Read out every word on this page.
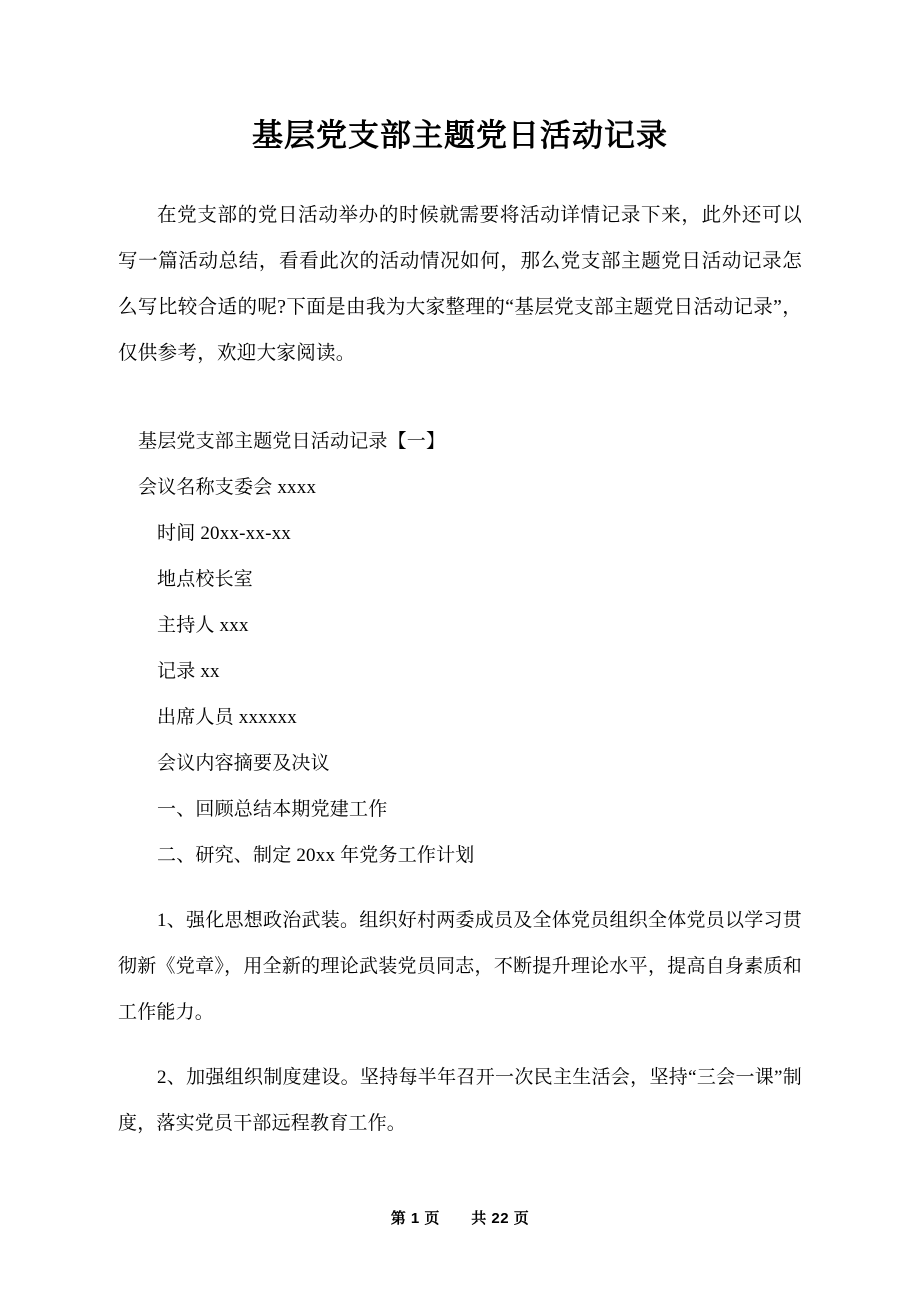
基层党支部主题党日活动记录

在党支部的党日活动举办的时候就需要将活动详情记录下来，此外还可以写一篇活动总结，看看此次的活动情况如何，那么党支部主题党日活动记录怎么写比较合适的呢?下面是由我为大家整理的“基层党支部主题党日活动记录”，仅供参考，欢迎大家阅读。

基层党支部主题党日活动记录【一】
会议名称支委会 xxxx
时间 20xx-xx-xx
地点校长室
主持人 xxx
记录 xx
出席人员 xxxxxx
会议内容摘要及决议
一、回顾总结本期党建工作
二、研究、制定 20xx 年党务工作计划

1、强化思想政治武装。组织好村两委成员及全体党员组织全体党员以学习贯彻新《党章》，用全新的理论武装党员同志，不断提升理论水平，提高自身素质和工作能力。

2、加强组织制度建设。坚持每半年召开一次民主生活会，坚持“三会一课”制度，落实党员干部远程教育工作。

第 1 页 共 22 页
